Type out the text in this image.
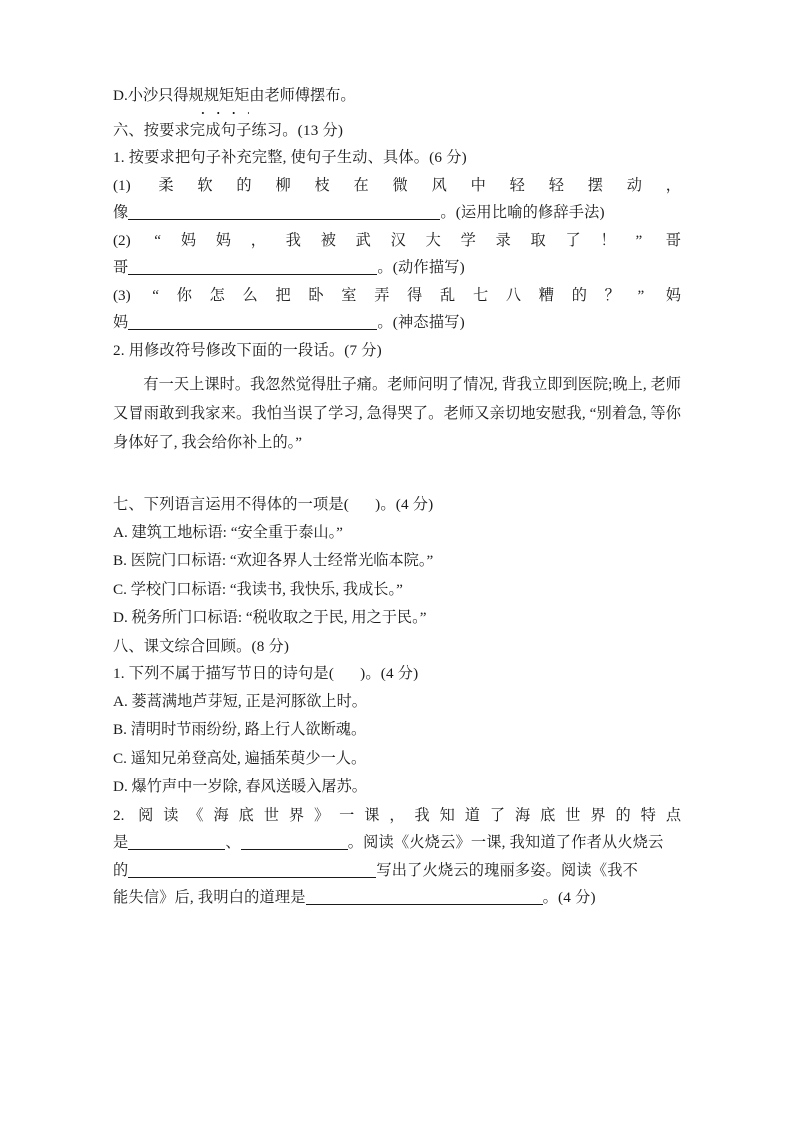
D.小沙只得规规矩矩由老师傅摆布。
六、按要求完成句子练习。(13 分)
1. 按要求把句子补充完整, 使句子生动、具体。(6 分)
(1) 柔软的柳枝在微风中轻轻摆动，
像	。(运用比喻的修辞手法)
(2) “妈妈，我被武汉大学录取了！” 哥
哥	。(动作描写)
(3) “你怎么把卧室弄得乱七八糟的？” 妈
妈	。(神态描写)
2. 用修改符号修改下面的一段话。(7 分)
有一天上课时。我忽然觉得肚子痛。老师问明了情况, 背我立即到医院;晚上, 老师又冒雨敢到我家来。我怕当误了学习, 急得哭了。老师又亲切地安慰我, “别着急, 等你身体好了, 我会给你补上的。”
七、下列语言运用不得体的一项是( )。(4 分)
A. 建筑工地标语: “安全重于泰山。”
B. 医院门口标语: “欢迎各界人士经常光临本院。”
C. 学校门口标语: “我读书, 我快乐, 我成长。”
D. 税务所门口标语: “税收取之于民, 用之于民。”
八、课文综合回顾。(8 分)
1. 下列不属于描写节日的诗句是( )。(4 分)
A. 蒌蒿满地芦芽短, 正是河豚欲上时。
B. 清明时节雨纷纷, 路上行人欲断魂。
C. 遥知兄弟登高处, 遍插茱萸少一人。
D. 爆竹声中一岁除, 春风送暖入屠苏。
2. 阅读《海底世界》一课，我知道了海底世界的特点
是	、	。阅读《火烧云》一课, 我知道了作者从火烧云
的	写出了火烧云的瑰丽多姿。阅读《我不
能失信》后, 我明白的道理是	。(4 分)
